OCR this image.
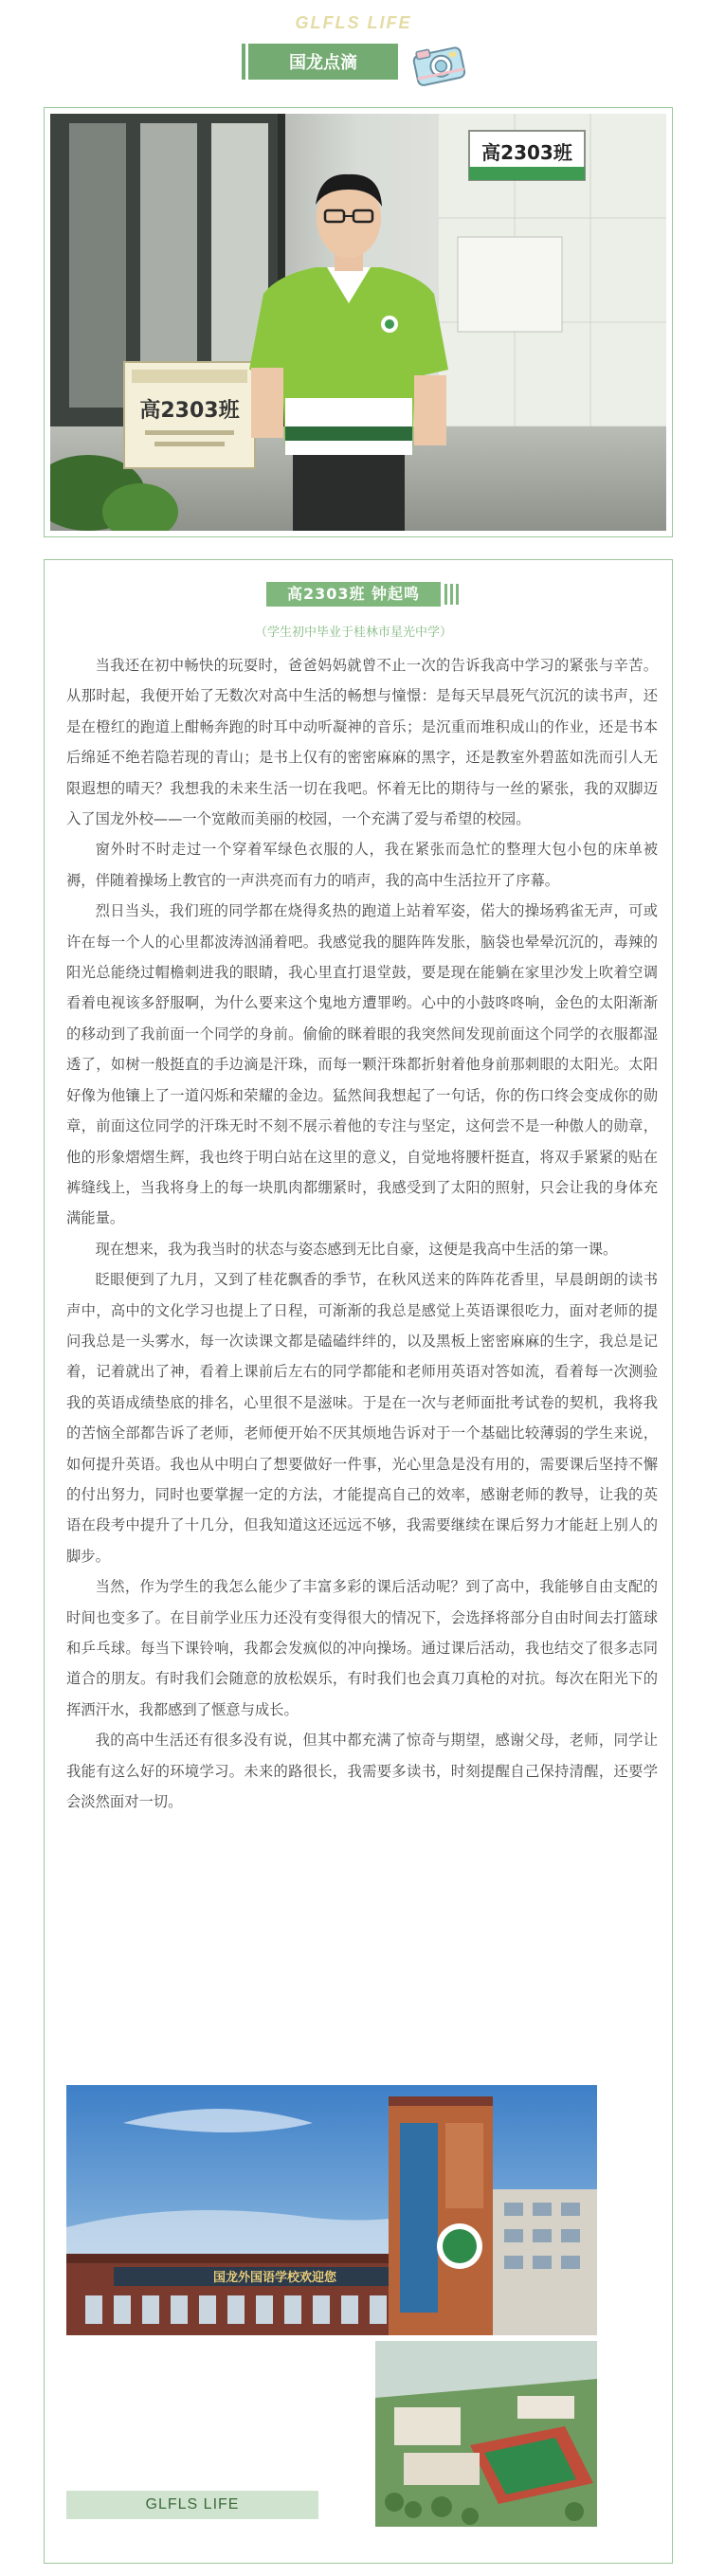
GLFLS LIFE
国龙点滴
高2303班
高2303班
高2303班 钟起鸣
（学生初中毕业于桂林市星光中学）

当我还在初中畅快的玩耍时，爸爸妈妈就曾不止一次的告诉我高中学习的紧张与辛苦。从那时起，我便开始了无数次对高中生活的畅想与憧憬：是每天早晨死气沉沉的读书声，还是在橙红的跑道上酣畅奔跑的时耳中动听凝神的音乐；是沉重而堆积成山的作业，还是书本后绵延不绝若隐若现的青山；是书上仅有的密密麻麻的黑字，还是教室外碧蓝如洗而引人无限遐想的晴天？我想我的未来生活一切在我吧。怀着无比的期待与一丝的紧张，我的双脚迈入了国龙外校——一个宽敞而美丽的校园，一个充满了爱与希望的校园。

窗外时不时走过一个穿着军绿色衣服的人，我在紧张而急忙的整理大包小包的床单被褥，伴随着操场上教官的一声洪亮而有力的哨声，我的高中生活拉开了序幕。

烈日当头，我们班的同学都在烧得炙热的跑道上站着军姿，偌大的操场鸦雀无声，可或许在每一个人的心里都波涛汹涌着吧。我感觉我的腿阵阵发胀，脑袋也晕晕沉沉的，毒辣的阳光总能绕过帽檐刺进我的眼睛，我心里直打退堂鼓，要是现在能躺在家里沙发上吹着空调看着电视该多舒服啊，为什么要来这个鬼地方遭罪哟。心中的小鼓咚咚响，金色的太阳渐渐的移动到了我前面一个同学的身前。偷偷的眯着眼的我突然间发现前面这个同学的衣服都湿透了，如树一般挺直的手边滴是汗珠，而每一颗汗珠都折射着他身前那刺眼的太阳光。太阳好像为他镶上了一道闪烁和荣耀的金边。猛然间我想起了一句话，你的伤口终会变成你的勋章，前面这位同学的汗珠无时不刻不展示着他的专注与坚定，这何尝不是一种傲人的勋章，他的形象熠熠生辉，我也终于明白站在这里的意义，自觉地将腰杆挺直，将双手紧紧的贴在裤缝线上，当我将身上的每一块肌肉都绷紧时，我感受到了太阳的照射，只会让我的身体充满能量。

现在想来，我为我当时的状态与姿态感到无比自豪，这便是我高中生活的第一课。

眨眼便到了九月，又到了桂花飘香的季节，在秋风送来的阵阵花香里，早晨朗朗的读书声中，高中的文化学习也提上了日程，可渐渐的我总是感觉上英语课很吃力，面对老师的提问我总是一头雾水，每一次读课文都是磕磕绊绊的，以及黑板上密密麻麻的生字，我总是记着，记着就出了神，看着上课前后左右的同学都能和老师用英语对答如流，看着每一次测验我的英语成绩垫底的排名，心里很不是滋味。于是在一次与老师面批考试卷的契机，我将我的苦恼全部都告诉了老师，老师便开始不厌其烦地告诉对于一个基础比较薄弱的学生来说，如何提升英语。我也从中明白了想要做好一件事，光心里急是没有用的，需要课后坚持不懈的付出努力，同时也要掌握一定的方法，才能提高自己的效率，感谢老师的教导，让我的英语在段考中提升了十几分，但我知道这还远远不够，我需要继续在课后努力才能赶上别人的脚步。

当然，作为学生的我怎么能少了丰富多彩的课后活动呢？到了高中，我能够自由支配的时间也变多了。在目前学业压力还没有变得很大的情况下，会选择将部分自由时间去打篮球和乒乓球。每当下课铃响，我都会发疯似的冲向操场。通过课后活动，我也结交了很多志同道合的朋友。有时我们会随意的放松娱乐，有时我们也会真刀真枪的对抗。每次在阳光下的挥洒汗水，我都感到了惬意与成长。

我的高中生活还有很多没有说，但其中都充满了惊奇与期望，感谢父母，老师，同学让我能有这么好的环境学习。未来的路很长，我需要多读书，时刻提醒自己保持清醒，还要学会淡然面对一切。

国龙外国语学校欢迎您
GLFLS LIFE
